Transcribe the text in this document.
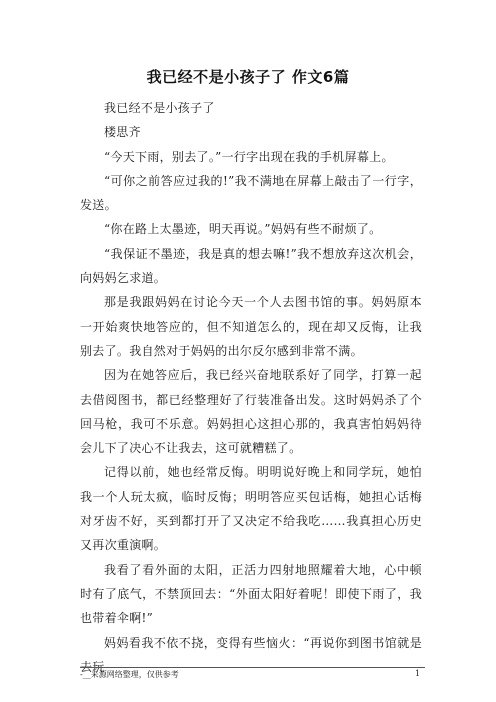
我已经不是小孩子了 作文6篇

我已经不是小孩子了

楼思齐

“今天下雨，别去了。”一行字出现在我的手机屏幕上。

“可你之前答应过我的!”我不满地在屏幕上敲击了一行字，发送。

“你在路上太墨迹，明天再说。”妈妈有些不耐烦了。

“我保证不墨迹，我是真的想去嘛!”我不想放弃这次机会，向妈妈乞求道。

那是我跟妈妈在讨论今天一个人去图书馆的事。妈妈原本一开始爽快地答应的，但不知道怎么的，现在却又反悔，让我别去了。我自然对于妈妈的出尔反尔感到非常不满。

因为在她答应后，我已经兴奋地联系好了同学，打算一起去借阅图书，都已经整理好了行装准备出发。这时妈妈杀了个回马枪，我可不乐意。妈妈担心这担心那的，我真害怕妈妈待会儿下了决心不让我去，这可就糟糕了。

记得以前，她也经常反悔。明明说好晚上和同学玩，她怕我一个人玩太疯，临时反悔；明明答应买包话梅，她担心话梅对牙齿不好，买到都打开了又决定不给我吃……我真担心历史又再次重演啊。

我看了看外面的太阳，正活力四射地照耀着大地，心中顿时有了底气，不禁顶回去：“外面太阳好着呢！即使下雨了，我也带着伞啊!”

妈妈看我不依不挠，变得有些恼火：“再说你到图书馆就是去玩

-__来源网络整理，仅供参考	1
